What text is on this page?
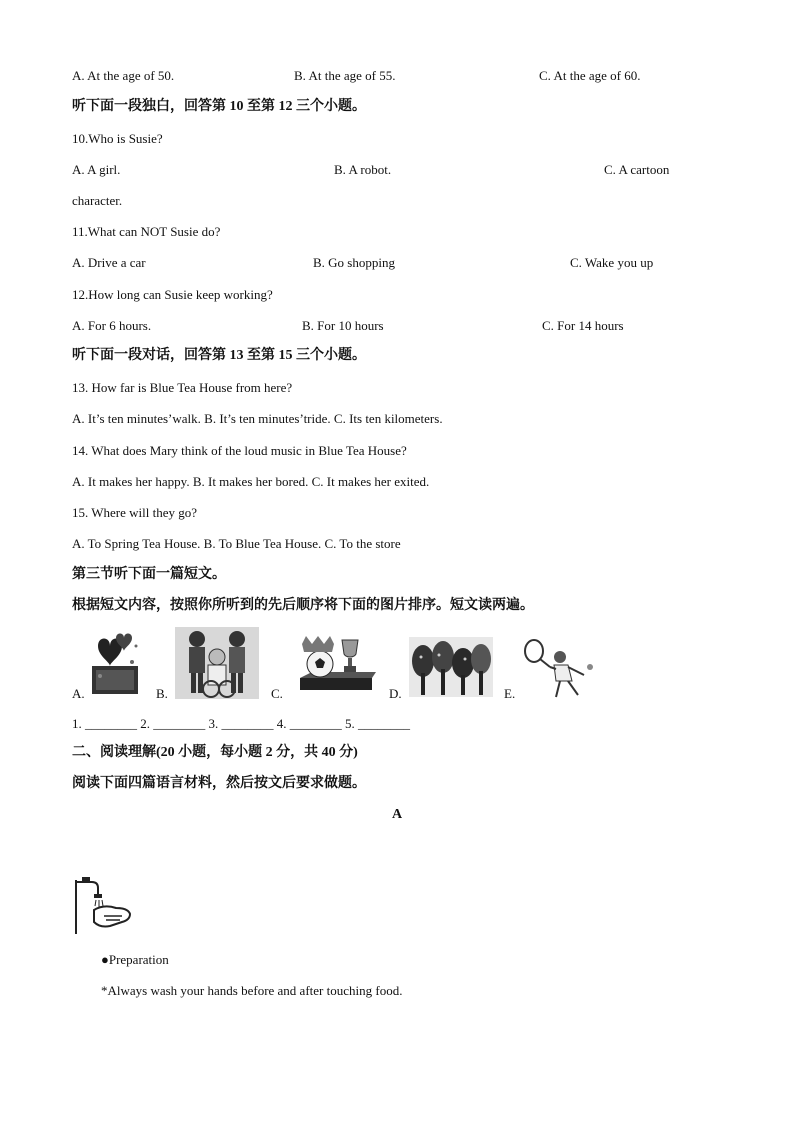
A. At the age of 50.	B. At the age of 55.	C. At the age of 60.
听下面一段独白，回答第 10 至第 12 三个小题。
10.Who is Susie?
A. A girl.	B. A robot.	C. A cartoon
character.
11.What can NOT Susie do?
A. Drive a car	B. Go shopping	C. Wake you up
12.How long can Susie keep working?
A. For 6 hours.	B. For 10 hours	C. For 14 hours
听下面一段对话，回答第 13 至第 15 三个小题。
13. How far is Blue Tea House from here?
A. It’s ten minutes’walk. B. It’s ten minutes’tride. C. Its ten kilometers.
14. What does Mary think of the loud music in Blue Tea House?
A. It makes her happy. B. It makes her bored. C. It makes her exited.
15. Where will they go?
A. To Spring Tea House. B. To Blue Tea House. C. To the store
第三节听下面一篇短文。
根据短文内容，按照你所听到的先后顺序将下面的图片排序。短文读两遍。
A.	B.	C.	D.	E.
1. ________ 2. ________ 3. ________ 4. ________ 5. ________
二、阅读理解(20 小题，每小题 2 分，共 40 分)
阅读下面四篇语言材料，然后按文后要求做题。
A
●Preparation
*Always wash your hands before and after touching food.
